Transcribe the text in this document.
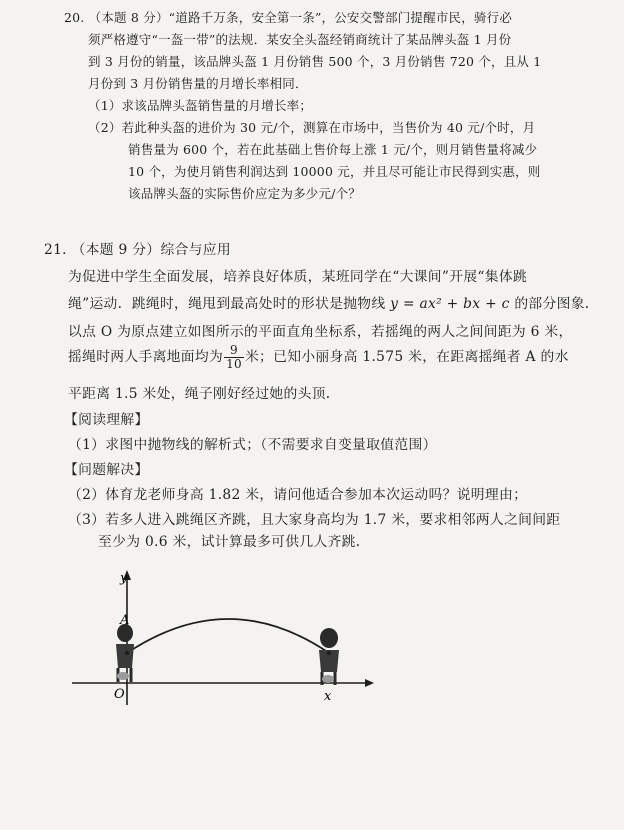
20. （本题 8 分）“道路千万条，安全第一条”，公安交警部门提醒市民，骑行必
须严格遵守“一盔一带”的法规．某安全头盔经销商统计了某品牌头盔 1 月份
到 3 月份的销量，该品牌头盔 1 月份销售 500 个，3 月份销售 720 个，且从 1
月份到 3 月份销售量的月增长率相同．
（1）求该品牌头盔销售量的月增长率；
（2）若此种头盔的进价为 30 元/个，测算在市场中，当售价为 40 元/个时，月
销售量为 600 个，若在此基础上售价每上涨 1 元/个，则月销售量将减少
10 个，为使月销售利润达到 10000 元，并且尽可能让市民得到实惠，则
该品牌头盔的实际售价应定为多少元/个？
21. （本题 9 分）综合与应用
为促进中学生全面发展，培养良好体质，某班同学在“大课间”开展“集体跳
绳”运动．跳绳时，绳甩到最高处时的形状是抛物线 y = ax² + bx + c 的部分图象．
以点 O 为原点建立如图所示的平面直角坐标系，若摇绳的两人之间间距为 6 米，
摇绳时两人手离地面均为 $\frac{9}{10}$ 米；已知小丽身高 1.575 米，在距离摇绳者 A 的水
平距离 1.5 米处，绳子刚好经过她的头顶．
【阅读理解】
（1）求图中抛物线的解析式；（不需要求自变量取值范围）
【问题解决】
（2）体育龙老师身高 1.82 米，请问他适合参加本次运动吗？说明理由；
（3）若多人进入跳绳区齐跳，且大家身高均为 1.7 米，要求相邻两人之间间距
至少为 0.6 米，试计算最多可供几人齐跳．
y
A
O	x
